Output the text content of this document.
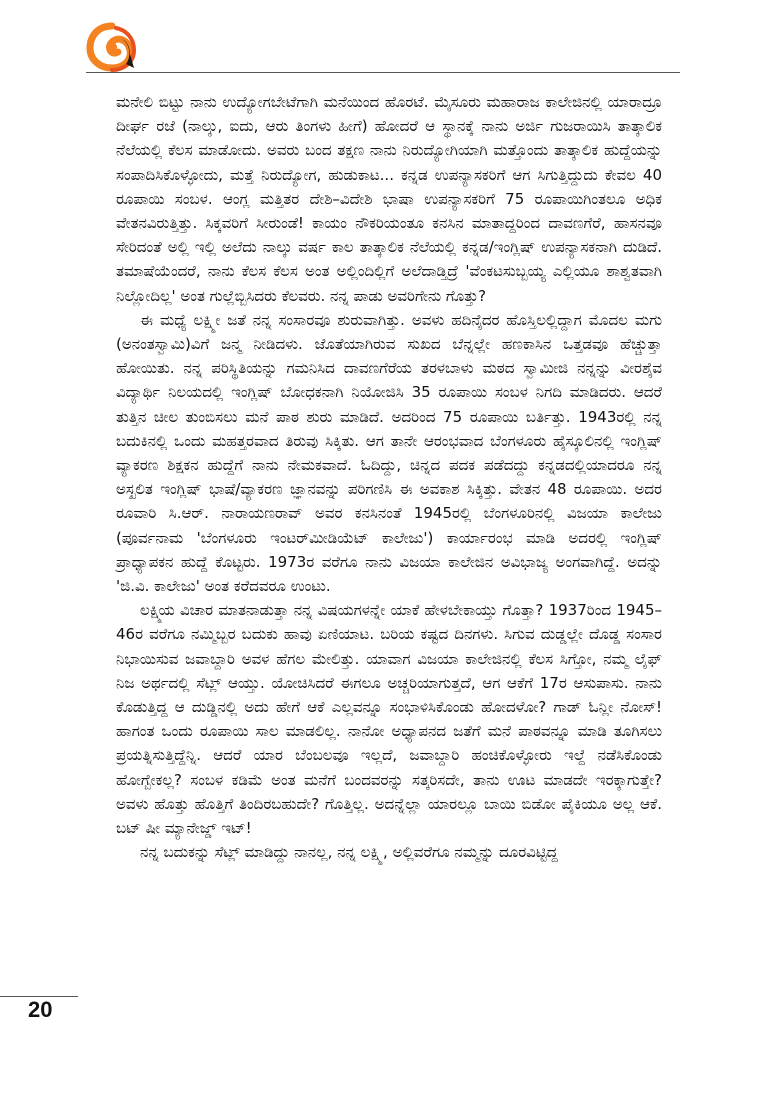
ಮನೇಲಿ ಬಿಟ್ಟು ನಾನು ಉದ್ಯೋಗಬೇಟೆಗಾಗಿ ಮನೆಯಿಂದ ಹೊರಟೆ. ಮೈಸೂರು ಮಹಾರಾಜ ಕಾಲೇಜಿನಲ್ಲಿ ಯಾರಾದ್ರೂ ದೀರ್ಘ ರಜೆ (ನಾಲ್ಕು, ಐದು, ಆರು ತಿಂಗಳು ಹೀಗೆ) ಹೋದರೆ ಆ ಸ್ಥಾನಕ್ಕೆ ನಾನು ಅರ್ಜಿ ಗುಜರಾಯಿಸಿ ತಾತ್ಕಾಲಿಕ ನೆಲೆಯಲ್ಲಿ ಕೆಲಸ ಮಾಡೋದು. ಅವರು ಬಂದ ತಕ್ಷಣ ನಾನು ನಿರುದ್ಯೋಗಿಯಾಗಿ ಮತ್ತೊಂದು ತಾತ್ಕಾಲಿಕ ಹುದ್ದೆಯನ್ನು ಸಂಪಾದಿಸಿಕೊಳ್ಳೋದು, ಮತ್ತೆ ನಿರುದ್ಯೋಗ, ಹುಡುಕಾಟ... ಕನ್ನಡ ಉಪನ್ಯಾಸಕರಿಗೆ ಆಗ ಸಿಗುತ್ತಿದ್ದುದು ಕೇವಲ 40 ರೂಪಾಯಿ ಸಂಬಳ. ಆಂಗ್ಲ ಮತ್ತಿತರ ದೇಶಿ–ವಿದೇಶಿ ಭಾಷಾ ಉಪನ್ಯಾಸಕರಿಗೆ 75 ರೂಪಾಯಿಗಿಂತಲೂ ಅಧಿಕ ವೇತನವಿರುತ್ತಿತ್ತು. ಸಿಕ್ಕವರಿಗೆ ಸೀರುಂಡೆ! ಕಾಯಂ ನೌಕರಿಯಂತೂ ಕನಸಿನ ಮಾತಾದ್ದರಿಂದ ದಾವಣಗೆರೆ, ಹಾಸನವೂ ಸೇರಿದಂತೆ ಅಲ್ಲಿ ಇಲ್ಲಿ ಅಲೆದು ನಾಲ್ಕು ವರ್ಷ ಕಾಲ ತಾತ್ಕಾಲಿಕ ನೆಲೆಯಲ್ಲಿ ಕನ್ನಡ/ಇಂಗ್ಲಿಷ್ ಉಪನ್ಯಾಸಕನಾಗಿ ದುಡಿದೆ. ತಮಾಷೆಯೆಂದರೆ, ನಾನು ಕೆಲಸ ಕೆಲಸ ಅಂತ ಅಲ್ಲಿಂದಿಲ್ಲಿಗೆ ಅಲೆದಾಡ್ತಿದ್ರೆ 'ವೆಂಕಟಸುಬ್ಬಯ್ಯ ಎಲ್ಲಿಯೂ ಶಾಶ್ವತವಾಗಿ ನಿಲ್ಲೋದಿಲ್ಲ' ಅಂತ ಗುಲ್ಲೆಬ್ಬಿಸಿದರು ಕೆಲವರು. ನನ್ನ ಪಾಡು ಅವರಿಗೇನು ಗೊತ್ತು?

ಈ ಮಧ್ಯೆ ಲಕ್ಷ್ಮೀ ಜತೆ ನನ್ನ ಸಂಸಾರವೂ ಶುರುವಾಗಿತ್ತು. ಅವಳು ಹದಿನೈದರ ಹೊಸ್ತಿಲಲ್ಲಿದ್ದಾಗ ಮೊದಲ ಮಗು (ಅನಂತಸ್ವಾಮಿ)ವಿಗೆ ಜನ್ಮ ನೀಡಿದಳು. ಜೊತೆಯಾಗಿರುವ ಸುಖದ ಬೆನ್ನಲ್ಲೇ ಹಣಕಾಸಿನ ಒತ್ತಡವೂ ಹೆಚ್ಚುತ್ತಾ ಹೋಯಿತು. ನನ್ನ ಪರಿಸ್ಥಿತಿಯನ್ನು ಗಮನಿಸಿದ ದಾವಣಗೆರೆಯ ತರಳಬಾಳು ಮಠದ ಸ್ವಾಮೀಜಿ ನನ್ನನ್ನು ವೀರಶೈವ ವಿದ್ಯಾರ್ಥಿ ನಿಲಯದಲ್ಲಿ ಇಂಗ್ಲಿಷ್ ಬೋಧಕನಾಗಿ ನಿಯೋಜಿಸಿ 35 ರೂಪಾಯಿ ಸಂಬಳ ನಿಗದಿ ಮಾಡಿದರು. ಆದರೆ ತುತ್ತಿನ ಚೀಲ ತುಂಬಿಸಲು ಮನೆ ಪಾಠ ಶುರು ಮಾಡಿದೆ. ಅದರಿಂದ 75 ರೂಪಾಯಿ ಬರ್ತಿತ್ತು. 1943ರಲ್ಲಿ ನನ್ನ ಬದುಕಿನಲ್ಲಿ ಒಂದು ಮಹತ್ತರವಾದ ತಿರುವು ಸಿಕ್ಕಿತು. ಆಗ ತಾನೇ ಆರಂಭವಾದ ಬೆಂಗಳೂರು ಹೈಸ್ಕೂಲಿನಲ್ಲಿ ಇಂಗ್ಲಿಷ್ ವ್ಯಾಕರಣ ಶಿಕ್ಷಕನ ಹುದ್ದೆಗೆ ನಾನು ನೇಮಕವಾದೆ. ಓದಿದ್ದು, ಚಿನ್ನದ ಪದಕ ಪಡೆದದ್ದು ಕನ್ನಡದಲ್ಲಿಯಾದರೂ ನನ್ನ ಅಸ್ಖಲಿತ ಇಂಗ್ಲಿಷ್ ಭಾಷೆ/ವ್ಯಾಕರಣ ಜ್ಞಾನವನ್ನು ಪರಿಗಣಿಸಿ ಈ ಅವಕಾಶ ಸಿಕ್ಕಿತ್ತು. ವೇತನ 48 ರೂಪಾಯಿ. ಅದರ ರೂವಾರಿ ಸಿ.ಆರ್. ನಾರಾಯಣರಾವ್ ಅವರ ಕನಸಿನಂತೆ 1945ರಲ್ಲಿ ಬೆಂಗಳೂರಿನಲ್ಲಿ ವಿಜಯಾ ಕಾಲೇಜು (ಪೂರ್ವನಾಮ 'ಬೆಂಗಳೂರು ಇಂಟರ್‌ಮೀಡಿಯೆಟ್ ಕಾಲೇಜು') ಕಾರ್ಯಾರಂಭ ಮಾಡಿ ಅದರಲ್ಲಿ ಇಂಗ್ಲಿಷ್ ಪ್ರಾಧ್ಯಾಪಕನ ಹುದ್ದೆ ಕೊಟ್ಟರು. 1973ರ ವರೆಗೂ ನಾನು ವಿಜಯಾ ಕಾಲೇಜಿನ ಅವಿಭಾಜ್ಯ ಅಂಗವಾಗಿದ್ದೆ. ಅದನ್ನು 'ಜಿ.ವಿ. ಕಾಲೇಜು' ಅಂತ ಕರೆದವರೂ ಉಂಟು.

ಲಕ್ಷ್ಮಿಯ ವಿಚಾರ ಮಾತನಾಡುತ್ತಾ ನನ್ನ ವಿಷಯಗಳನ್ನೇ ಯಾಕೆ ಹೇಳಬೇಕಾಯ್ತು ಗೊತ್ತಾ? 1937ರಿಂದ 1945–46ರ ವರೆಗೂ ನಮ್ಮಿಬ್ಬರ ಬದುಕು ಹಾವು ಏಣಿಯಾಟ. ಬರಿಯ ಕಷ್ಟದ ದಿನಗಳು. ಸಿಗುವ ದುಡ್ಡಲ್ಲೇ ದೊಡ್ಡ ಸಂಸಾರ ನಿಭಾಯಿಸುವ ಜವಾಬ್ದಾರಿ ಅವಳ ಹೆಗಲ ಮೇಲಿತ್ತು. ಯಾವಾಗ ವಿಜಯಾ ಕಾಲೇಜಿನಲ್ಲಿ ಕೆಲಸ ಸಿಗ್ತೋ, ನಮ್ಮ ಲೈಫ್ ನಿಜ ಅರ್ಥದಲ್ಲಿ ಸೆಟ್ಲ್ ಆಯ್ತು. ಯೋಚಿಸಿದರೆ ಈಗಲೂ ಅಚ್ಚರಿಯಾಗುತ್ತದೆ, ಆಗ ಆಕೆಗೆ 17ರ ಆಸುಪಾಸು. ನಾನು ಕೊಡುತ್ತಿದ್ದ ಆ ದುಡ್ಡಿನಲ್ಲಿ ಅದು ಹೇಗೆ ಆಕೆ ಎಲ್ಲವನ್ನೂ ಸಂಭಾಳಿಸಿಕೊಂಡು ಹೋದಳೋ? ಗಾಡ್ ಓನ್ಲೀ ನೋಸ್! ಹಾಗಂತ ಒಂದು ರೂಪಾಯಿ ಸಾಲ ಮಾಡಲಿಲ್ಲ. ನಾನೋ ಅಧ್ಯಾಪನದ ಜತೆಗೆ ಮನೆ ಪಾಠವನ್ನೂ ಮಾಡಿ ತೂಗಿಸಲು ಪ್ರಯತ್ನಿಸುತ್ತಿದ್ದೆನ್ನಿ. ಆದರೆ ಯಾರ ಬೆಂಬಲವೂ ಇಲ್ಲದೆ, ಜವಾಬ್ದಾರಿ ಹಂಚಿಕೊಳ್ಳೋರು ಇಲ್ದೆ ನಡೆಸಿಕೊಂಡು ಹೋಗ್ಬೇಕಲ್ಲ? ಸಂಬಳ ಕಡಿಮೆ ಅಂತ ಮನೆಗೆ ಬಂದವರನ್ನು ಸತ್ಕರಿಸದೇ, ತಾನು ಊಟ ಮಾಡದೇ ಇರಕ್ಕಾಗುತ್ತೇ? ಅವಳು ಹೊತ್ತು ಹೊತ್ತಿಗೆ ತಿಂದಿರಬಹುದೇ? ಗೊತ್ತಿಲ್ಲ. ಅದನ್ನೆಲ್ಲಾ ಯಾರಲ್ಲೂ ಬಾಯಿ ಬಿಡೋ ಪೈಕಿಯೂ ಅಲ್ಲ ಆಕೆ. ಬಟ್ ಷೀ ಮ್ಯಾನೇಜ್ಡ್ ಇಟ್!

ನನ್ನ ಬದುಕನ್ನು ಸೆಟ್ಲ್ ಮಾಡಿದ್ದು ನಾನಲ್ಲ, ನನ್ನ ಲಕ್ಷ್ಮಿ, ಅಲ್ಲಿವರೆಗೂ ನಮ್ಮನ್ನು ದೂರವಿಟ್ಟಿದ್ದ

20
